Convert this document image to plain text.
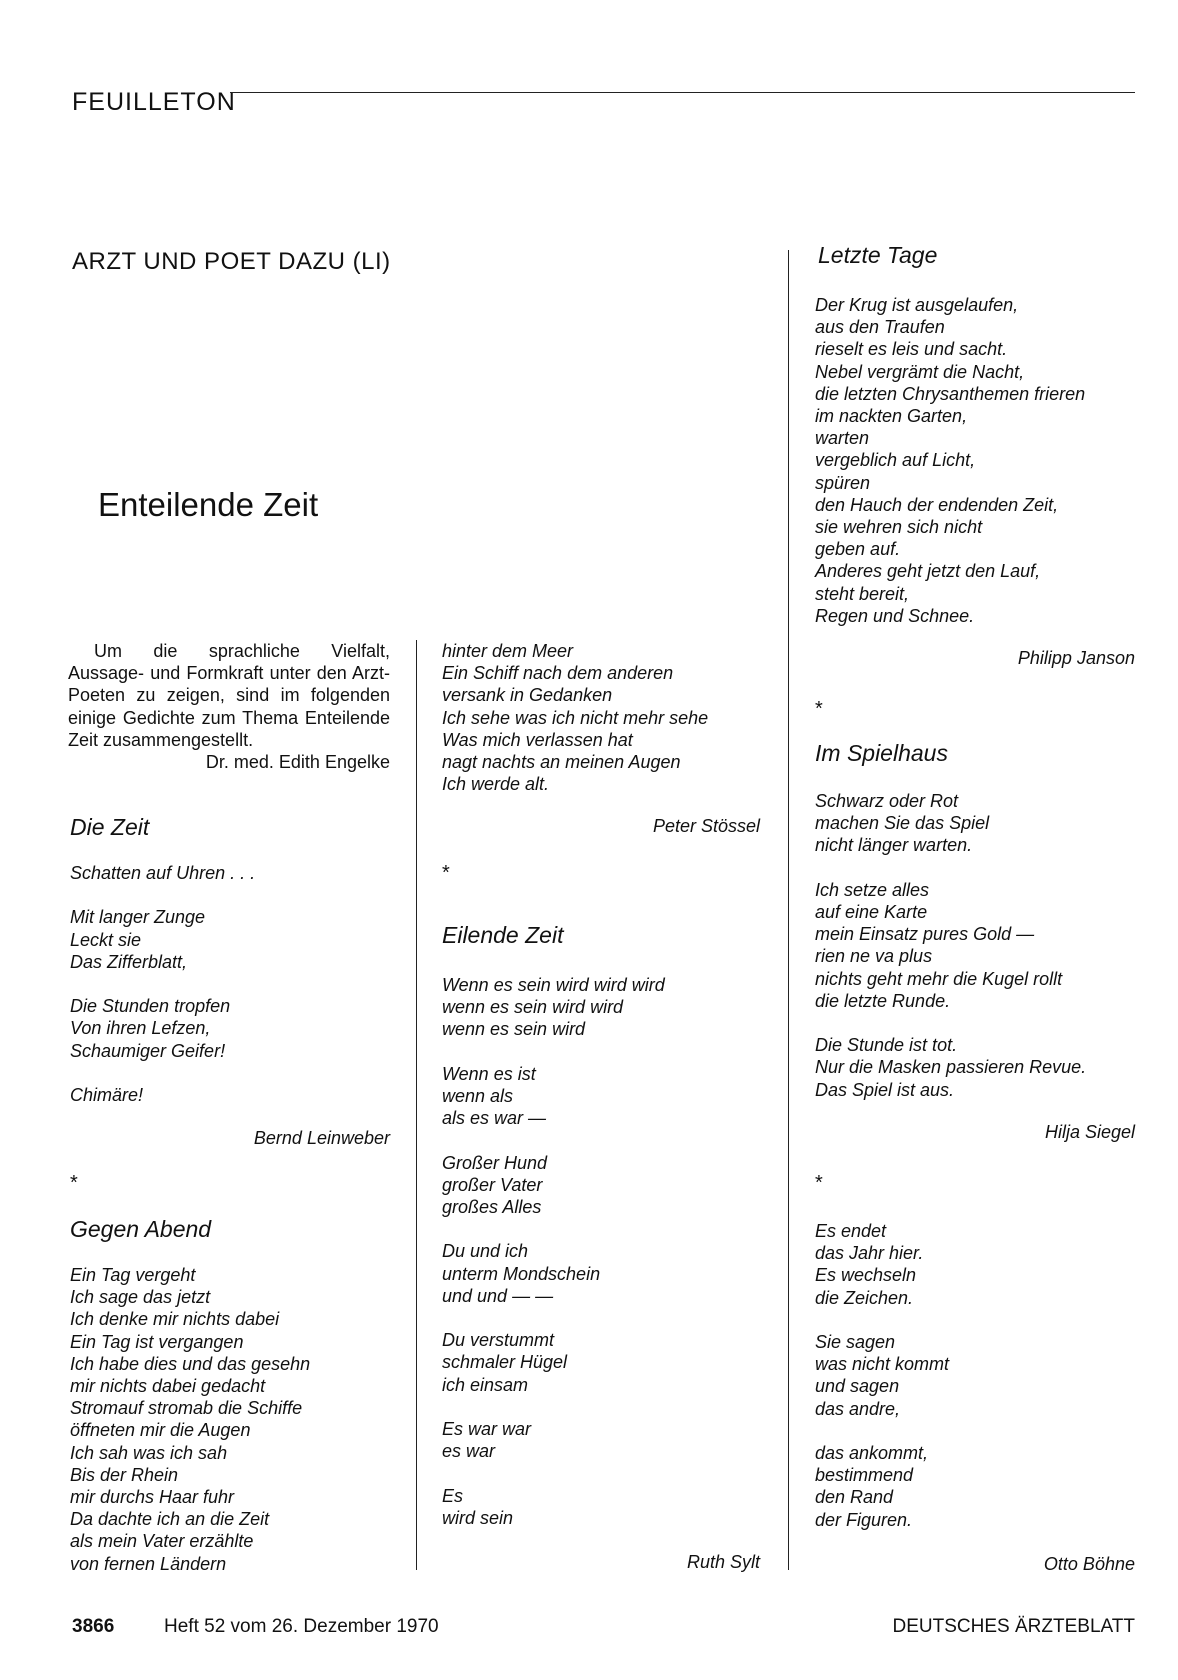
FEUILLETON
ARZT UND POET DAZU (LI)
Enteilende Zeit
Um die sprachliche Vielfalt, Aussage- und Formkraft unter den Arzt-Poeten zu zeigen, sind im folgenden einige Gedichte zum Thema Enteilende Zeit zusammengestellt.
Dr. med. Edith Engelke
Die Zeit
Schatten auf Uhren . . .

Mit langer Zunge
Leckt sie
Das Zifferblatt,

Die Stunden tropfen
Von ihren Lefzen,
Schaumiger Geifer!

Chimäre!
Bernd Leinweber
*
Gegen Abend
Ein Tag vergeht
Ich sage das jetzt
Ich denke mir nichts dabei
Ein Tag ist vergangen
Ich habe dies und das gesehn
mir nichts dabei gedacht
Stromauf stromab die Schiffe
öffneten mir die Augen
Ich sah was ich sah
Bis der Rhein
mir durchs Haar fuhr
Da dachte ich an die Zeit
als mein Vater erzählte
von fernen Ländern
hinter dem Meer
Ein Schiff nach dem anderen
versank in Gedanken
Ich sehe was ich nicht mehr sehe
Was mich verlassen hat
nagt nachts an meinen Augen
Ich werde alt.
Peter Stössel
*
Eilende Zeit
Wenn es sein wird wird wird
wenn es sein wird wird
wenn es sein wird

Wenn es ist
wenn als
als es war —

Großer Hund
großer Vater
großes Alles

Du und ich
unterm Mondschein
und und — —

Du verstummt
schmaler Hügel
ich einsam

Es war war
es war

Es
wird sein
Ruth Sylt
Letzte Tage
Der Krug ist ausgelaufen,
aus den Traufen
rieselt es leis und sacht.
Nebel vergrämt die Nacht,
die letzten Chrysanthemen frieren
im nackten Garten,
warten
vergeblich auf Licht,
spüren
den Hauch der endenden Zeit,
sie wehren sich nicht
geben auf.
Anderes geht jetzt den Lauf,
steht bereit,
Regen und Schnee.
Philipp Janson
*
Im Spielhaus
Schwarz oder Rot
machen Sie das Spiel
nicht länger warten.

Ich setze alles
auf eine Karte
mein Einsatz pures Gold —
rien ne va plus
nichts geht mehr die Kugel rollt
die letzte Runde.

Die Stunde ist tot.
Nur die Masken passieren Revue.
Das Spiel ist aus.
Hilja Siegel
*
Es endet
das Jahr hier.
Es wechseln
die Zeichen.

Sie sagen
was nicht kommt
und sagen
das andre,

das ankommt,
bestimmend
den Rand
der Figuren.
Otto Böhne
3866	Heft 52 vom 26. Dezember 1970	DEUTSCHES ÄRZTEBLATT
